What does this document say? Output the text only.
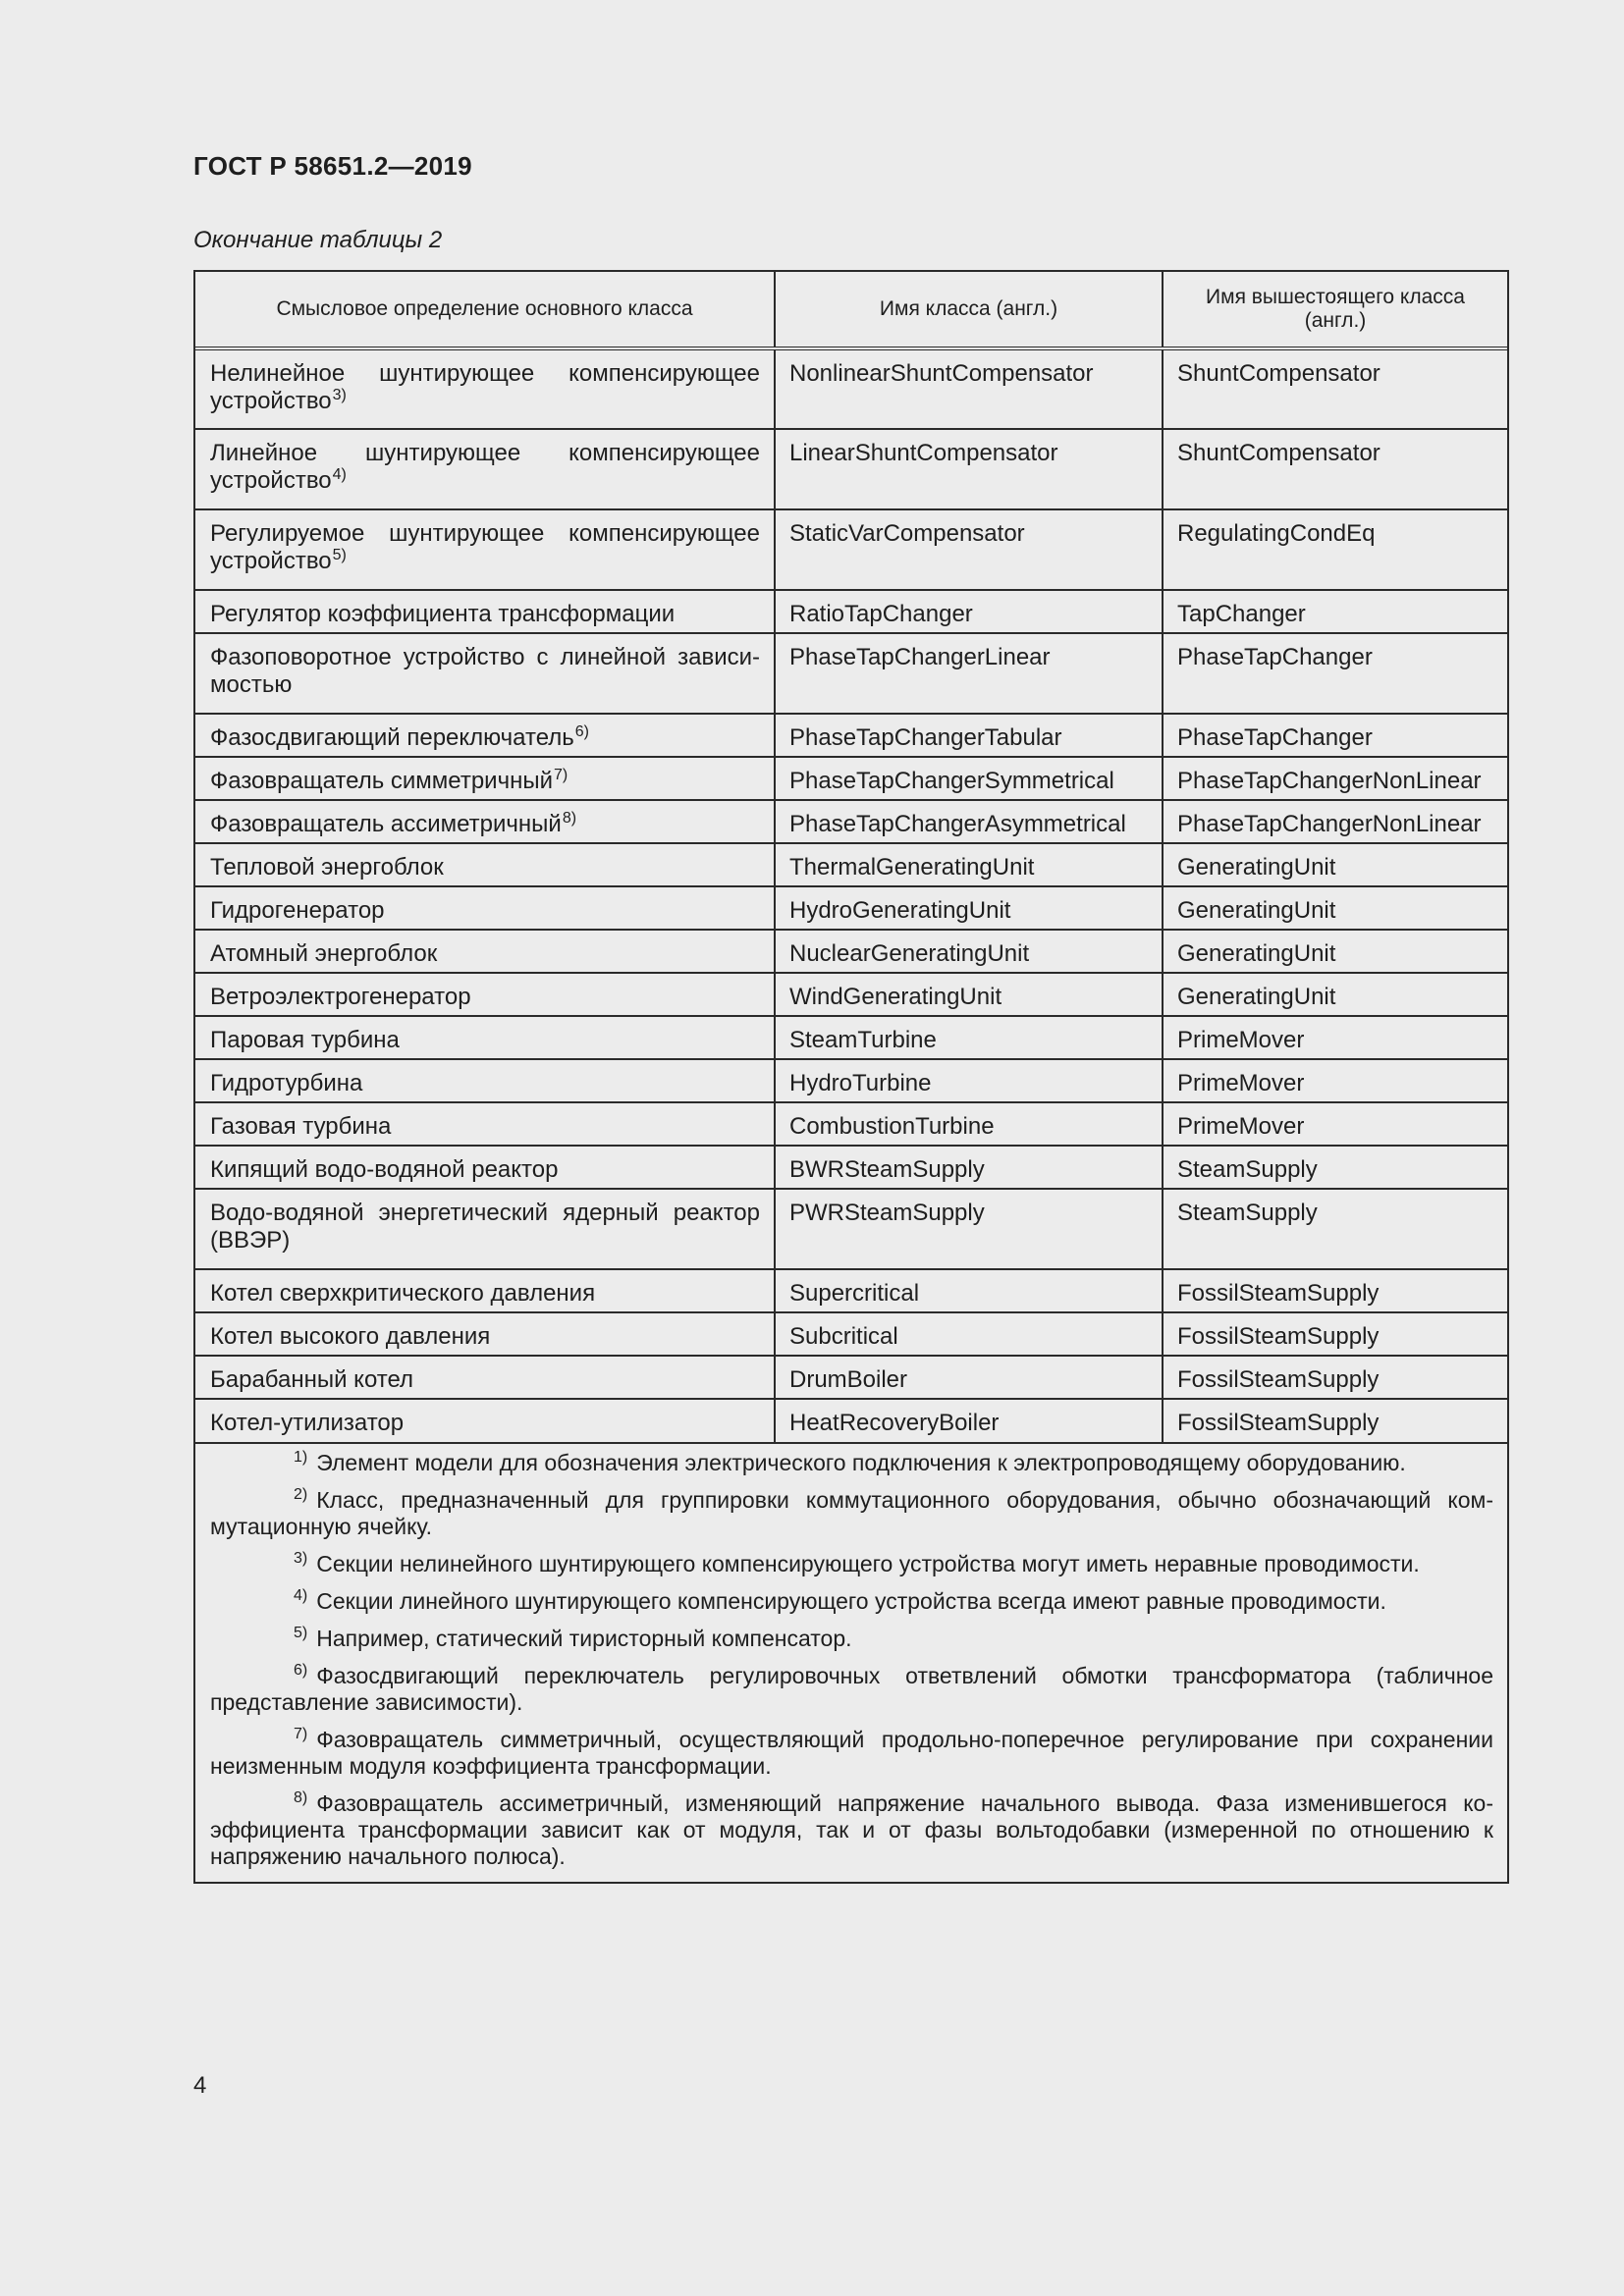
ГОСТ Р 58651.2—2019
Окончание таблицы 2
Смысловое определение основного класса	Имя класса (англ.)	Имя вышестоящего класса (англ.)
Нелинейное шунтирующее компенсирующее устройство$^{3)}$	NonlinearShuntCompensator	ShuntCompensator
Линейное шунтирующее компенсирующее устройство$^{4)}$	LinearShuntCompensator	ShuntCompensator
Регулируемое шунтирующее компенсирующее устройство$^{5)}$	StaticVarCompensator	RegulatingCondEq
Регулятор коэффициента трансформации	RatioTapChanger	TapChanger
Фазоповоротное устройство с линейной зависимостью	PhaseTapChangerLinear	PhaseTapChanger
Фазосдвигающий переключатель$^{6)}$	PhaseTapChangerTabular	PhaseTapChanger
Фазовращатель симметричный$^{7)}$	PhaseTapChangerSymmetrical	PhaseTapChangerNonLinear
Фазовращатель ассиметричный$^{8)}$	PhaseTapChangerAsymmetrical	PhaseTapChangerNonLinear
Тепловой энергоблок	ThermalGeneratingUnit	GeneratingUnit
Гидрогенератор	HydroGeneratingUnit	GeneratingUnit
Атомный энергоблок	NuclearGeneratingUnit	GeneratingUnit
Ветроэлектрогенератор	WindGeneratingUnit	GeneratingUnit
Паровая турбина	SteamTurbine	PrimeMover
Гидротурбина	HydroTurbine	PrimeMover
Газовая турбина	CombustionTurbine	PrimeMover
Кипящий водо-водяной реактор	BWRSteamSupply	SteamSupply
Водо-водяной энергетический ядерный реактор (ВВЭР)	PWRSteamSupply	SteamSupply
Котел сверхкритического давления	Supercritical	FossilSteamSupply
Котел высокого давления	Subcritical	FossilSteamSupply
Барабанный котел	DrumBoiler	FossilSteamSupply
Котел-утилизатор	HeatRecoveryBoiler	FossilSteamSupply

$^{1)}$ Элемент модели для обозначения электрического подключения к электропроводящему оборудованию.

$^{2)}$ Класс, предназначенный для группировки коммутационного оборудования, обычно обозначающий коммутационную ячейку.

$^{3)}$ Секции нелинейного шунтирующего компенсирующего устройства могут иметь неравные проводимости.

$^{4)}$ Секции линейного шунтирующего компенсирующего устройства всегда имеют равные проводимости.

$^{5)}$ Например, статический тиристорный компенсатор.

$^{6)}$ Фазосдвигающий переключатель регулировочных ответвлений обмотки трансформатора (табличное представление зависимости).

$^{7)}$ Фазовращатель симметричный, осуществляющий продольно-поперечное регулирование при сохранении неизменным модуля коэффициента трансформации.

$^{8)}$ Фазовращатель ассиметричный, изменяющий напряжение начального вывода. Фаза изменившегося коэффициента трансформации зависит как от модуля, так и от фазы вольтодобавки (измеренной по отношению к напряжению начального полюса).

4
